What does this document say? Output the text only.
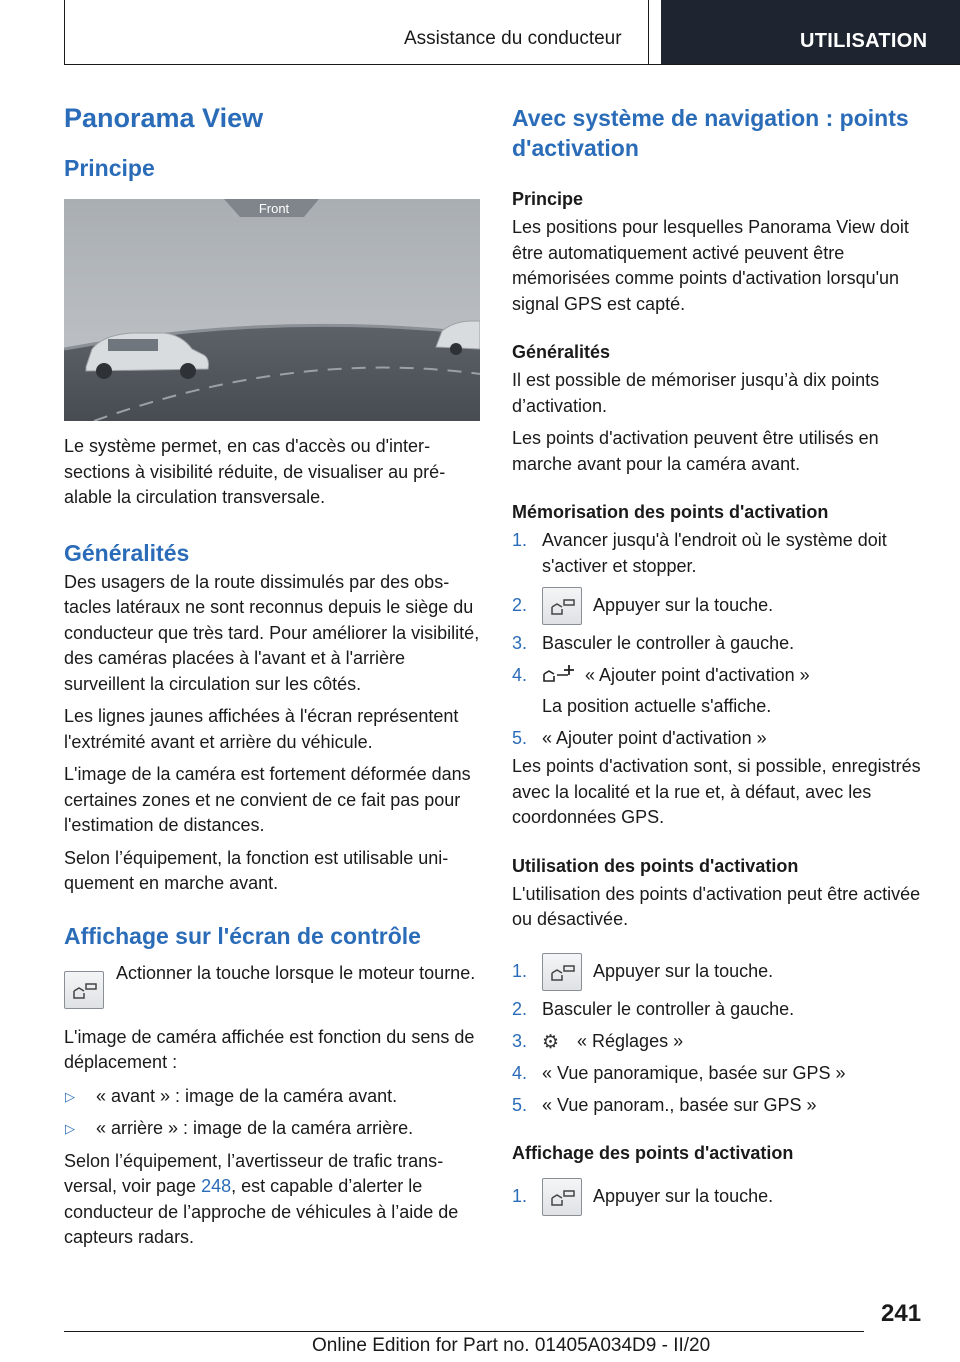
Assistance du conducteur	UTILISATION
Panorama View
Principe
Front

Le système permet, en cas d'accès ou d'intersections à visibilité réduite, de visualiser au préalable la circulation transversale.

Généralités

Des usagers de la route dissimulés par des obstacles latéraux ne sont reconnus depuis le siège du conducteur que très tard. Pour améliorer la visibilité, des caméras placées à l'avant et à l'arrière surveillent la circulation sur les côtés.

Les lignes jaunes affichées à l'écran représentent l'extrémité avant et arrière du véhicule.

L'image de la caméra est fortement déformée dans certaines zones et ne convient de ce fait pas pour l'estimation de distances.

Selon l’équipement, la fonction est utilisable uniquement en marche avant.

Affichage sur l'écran de contrôle

Actionner la touche lorsque le moteur tourne.

L'image de caméra affichée est fonction du sens de déplacement :

▷ « avant » : image de la caméra avant.
▷ « arrière » : image de la caméra arrière.

Selon l’équipement, l’avertisseur de trafic transversal, voir page 248, est capable d’alerter le conducteur de l’approche de véhicules à l’aide de capteurs radars.

Avec système de navigation : points d'activation
Principe

Les positions pour lesquelles Panorama View doit être automatiquement activé peuvent être mémorisées comme points d'activation lorsqu'un signal GPS est capté.

Généralités

Il est possible de mémoriser jusqu’à dix points d’activation.

Les points d'activation peuvent être utilisés en marche avant pour la caméra avant.

Mémorisation des points d'activation
1. Avancer jusqu'à l'endroit où le système doit s'activer et stopper.
2.	Appuyer sur la touche.
3. Basculer le controller à gauche.
4.	« Ajouter point d'activation »
La position actuelle s'affiche.
5. « Ajouter point d'activation »

Les points d'activation sont, si possible, enregistrés avec la localité et la rue et, à défaut, avec les coordonnées GPS.

Utilisation des points d'activation

L'utilisation des points d'activation peut être activée ou désactivée.

1.	Appuyer sur la touche.
2. Basculer le controller à gauche.
3. ⚙ « Réglages »
4. « Vue panoramique, basée sur GPS »
5. « Vue panoram., basée sur GPS »
Affichage des points d'activation
1.	Appuyer sur la touche.
241
Online Edition for Part no. 01405A034D9 - II/20
